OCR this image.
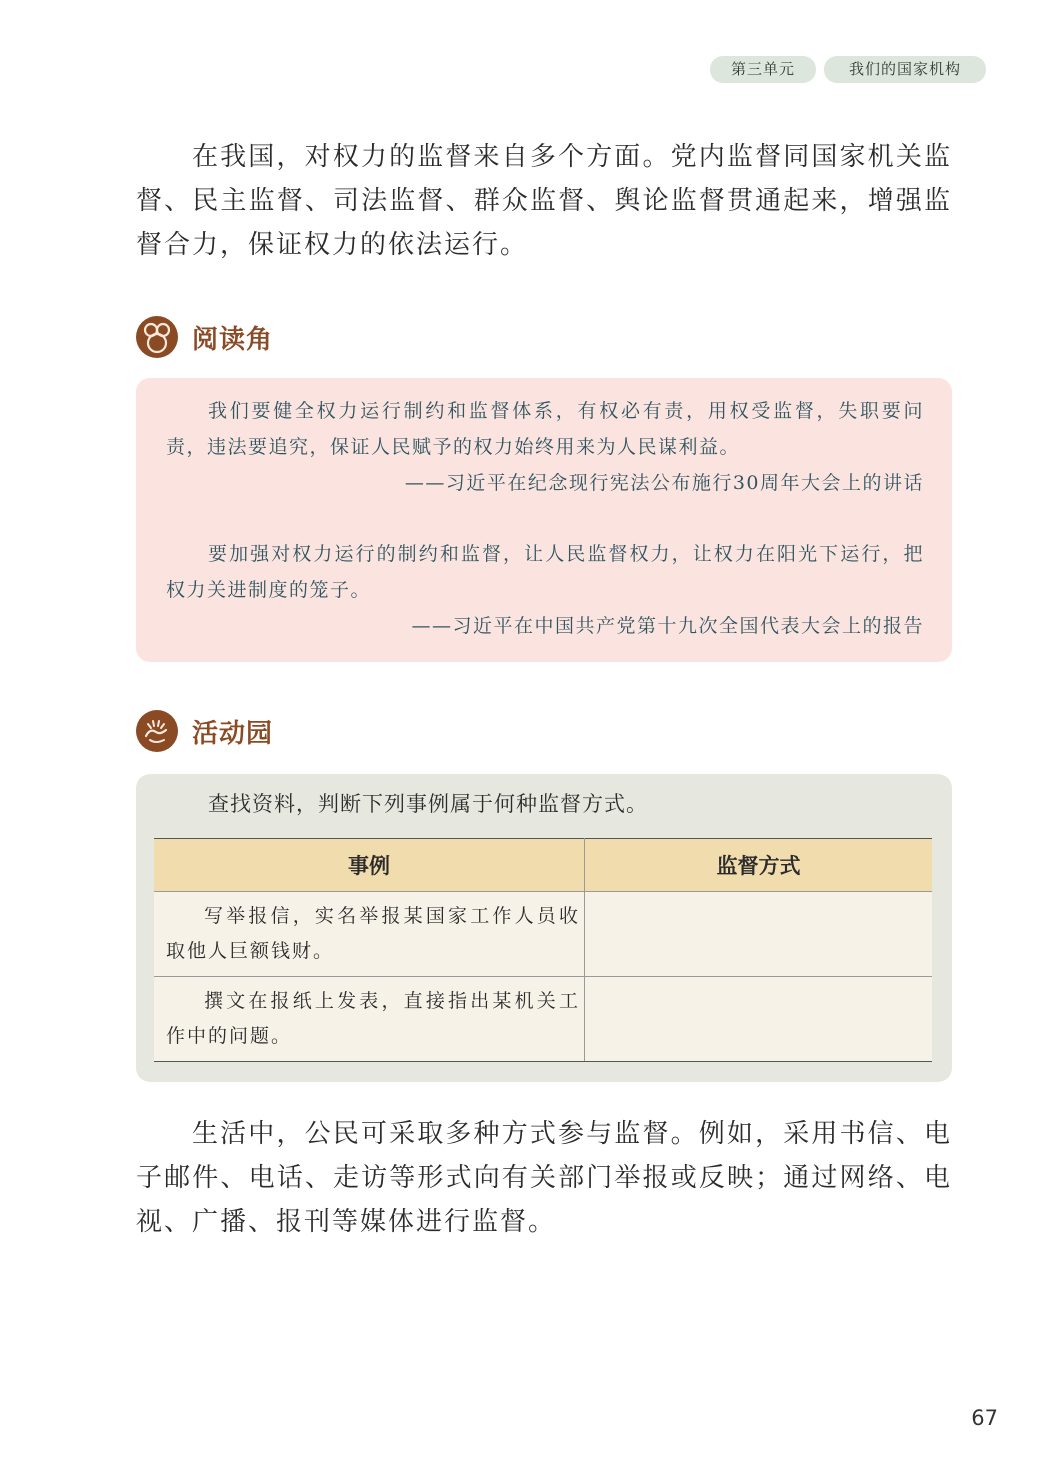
第三单元	我们的国家机构

在我国，对权力的监督来自多个方面。党内监督同国家机关监督、民主监督、司法监督、群众监督、舆论监督贯通起来，增强监督合力，保证权力的依法运行。

阅读角

我们要健全权力运行制约和监督体系，有权必有责，用权受监督，失职要问责，违法要追究，保证人民赋予的权力始终用来为人民谋利益。

——习近平在纪念现行宪法公布施行30周年大会上的讲话

要加强对权力运行的制约和监督，让人民监督权力，让权力在阳光下运行，把权力关进制度的笼子。

——习近平在中国共产党第十九次全国代表大会上的报告

活动园
查找资料，判断下列事例属于何种监督方式。
事例	监督方式

写举报信，实名举报某国家工作人员收取他人巨额钱财。	

撰文在报纸上发表，直接指出某机关工作中的问题。	

生活中，公民可采取多种方式参与监督。例如，采用书信、电子邮件、电话、走访等形式向有关部门举报或反映；通过网络、电视、广播、报刊等媒体进行监督。

67
